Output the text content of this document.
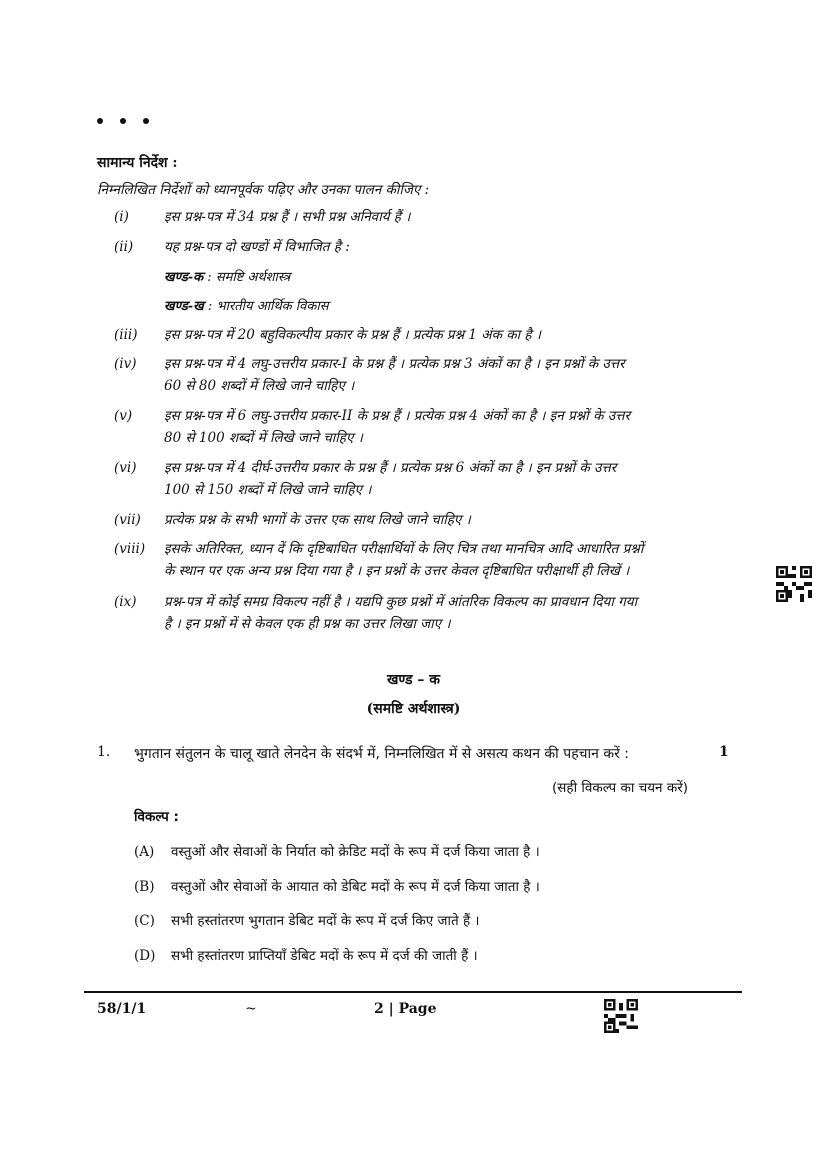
सामान्य निर्देश :
निम्नलिखित निर्देशों को ध्यानपूर्वक पढ़िए और उनका पालन कीजिए :
(i)	इस प्रश्न-पत्र में 34 प्रश्न हैं । सभी प्रश्न अनिवार्य हैं ।
(ii)	यह प्रश्न-पत्र दो खण्डों में विभाजित है :
खण्ड-क : समष्टि अर्थशास्त्र
खण्ड-ख : भारतीय आर्थिक विकास
(iii)	इस प्रश्न-पत्र में 20 बहुविकल्पीय प्रकार के प्रश्न हैं । प्रत्येक प्रश्न 1 अंक का है ।
(iv)	इस प्रश्न-पत्र में 4 लघु-उत्तरीय प्रकार-I के प्रश्न हैं । प्रत्येक प्रश्न 3 अंकों का है । इन प्रश्नों के उत्तर
60 से 80 शब्दों में लिखे जाने चाहिए ।
(v)	इस प्रश्न-पत्र में 6 लघु-उत्तरीय प्रकार-II के प्रश्न हैं । प्रत्येक प्रश्न 4 अंकों का है । इन प्रश्नों के उत्तर
80 से 100 शब्दों में लिखे जाने चाहिए ।
(vi)	इस प्रश्न-पत्र में 4 दीर्घ-उत्तरीय प्रकार के प्रश्न हैं । प्रत्येक प्रश्न 6 अंकों का है । इन प्रश्नों के उत्तर
100 से 150 शब्दों में लिखे जाने चाहिए ।
(vii)	प्रत्येक प्रश्न के सभी भागों के उत्तर एक साथ लिखे जाने चाहिए ।
(viii)	इसके अतिरिक्त, ध्यान दें कि दृष्टिबाधित परीक्षार्थियों के लिए चित्र तथा मानचित्र आदि आधारित प्रश्नों
के स्थान पर एक अन्य प्रश्न दिया गया है । इन प्रश्नों के उत्तर केवल दृष्टिबाधित परीक्षार्थी ही लिखें ।
(ix)	प्रश्न-पत्र में कोई समग्र विकल्प नहीं है । यद्यपि कुछ प्रश्नों में आंतरिक विकल्प का प्रावधान दिया गया
है । इन प्रश्नों में से केवल एक ही प्रश्न का उत्तर लिखा जाए ।
खण्ड – क
(समष्टि अर्थशास्त्र)
1. भुगतान संतुलन के चालू खाते लेनदेन के संदर्भ में, निम्नलिखित में से असत्य कथन की पहचान करें :	1
(सही विकल्प का चयन करें)
विकल्प :
(A) वस्तुओं और सेवाओं के निर्यात को क्रेडिट मदों के रूप में दर्ज किया जाता है ।
(B) वस्तुओं और सेवाओं के आयात को डेबिट मदों के रूप में दर्ज किया जाता है ।
(C) सभी हस्तांतरण भुगतान डेबिट मदों के रूप में दर्ज किए जाते हैं ।
(D) सभी हस्तांतरण प्राप्तियाँ डेबिट मदों के रूप में दर्ज की जाती हैं ।
58/1/1	~	2 | Page
